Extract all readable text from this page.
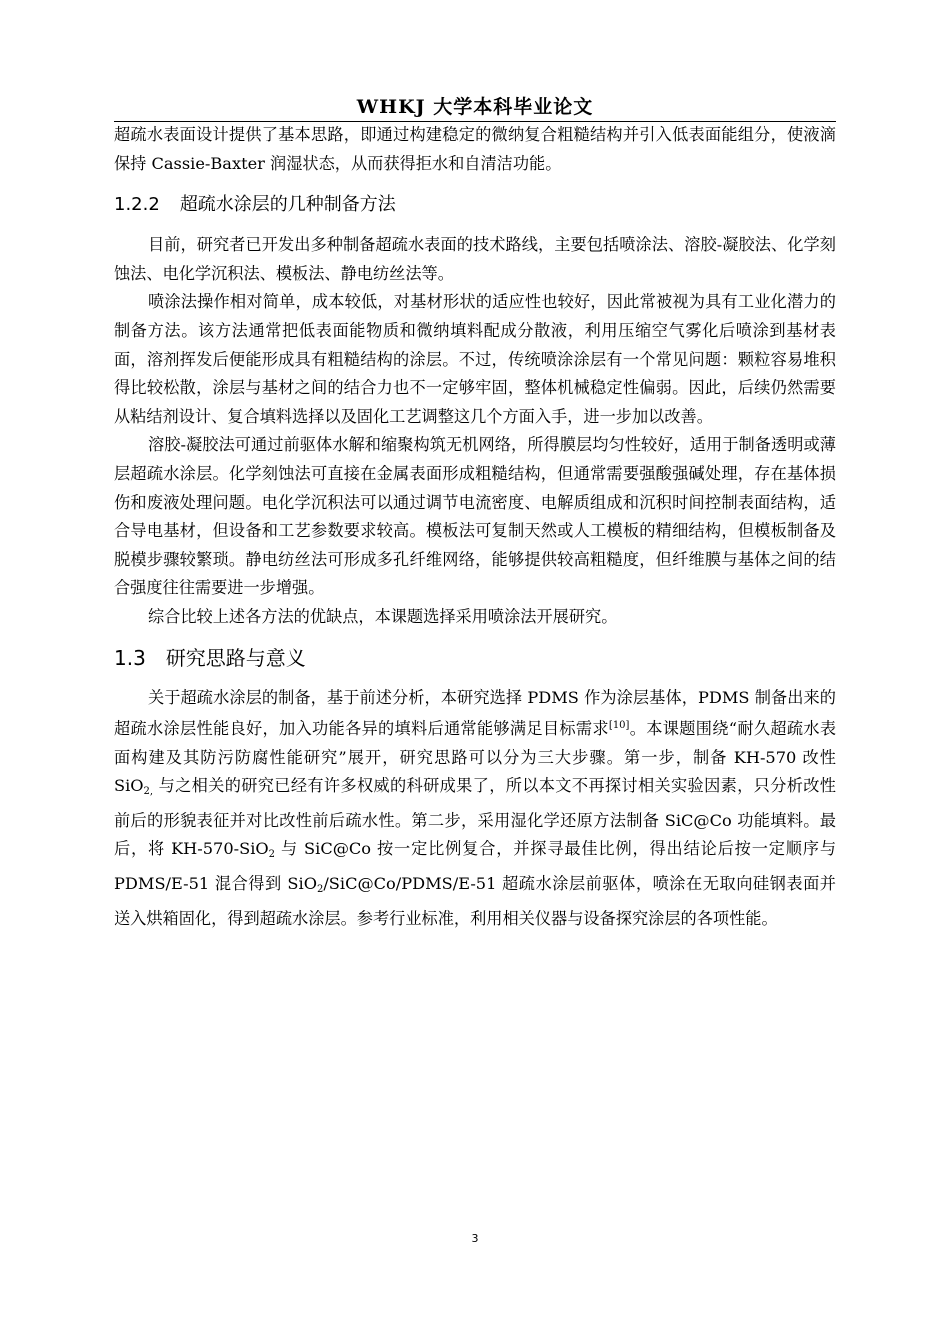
WHKJ 大学本科毕业论文

超疏水表面设计提供了基本思路，即通过构建稳定的微纳复合粗糙结构并引入低表面能组分，使液滴保持 Cassie-Baxter 润湿状态，从而获得拒水和自清洁功能。

1.2.2 超疏水涂层的几种制备方法

目前，研究者已开发出多种制备超疏水表面的技术路线，主要包括喷涂法、溶胶-凝胶法、化学刻蚀法、电化学沉积法、模板法、静电纺丝法等。

喷涂法操作相对简单，成本较低，对基材形状的适应性也较好，因此常被视为具有工业化潜力的制备方法。该方法通常把低表面能物质和微纳填料配成分散液，利用压缩空气雾化后喷涂到基材表面，溶剂挥发后便能形成具有粗糙结构的涂层。不过，传统喷涂涂层有一个常见问题：颗粒容易堆积得比较松散，涂层与基材之间的结合力也不一定够牢固，整体机械稳定性偏弱。因此，后续仍然需要从粘结剂设计、复合填料选择以及固化工艺调整这几个方面入手，进一步加以改善。

溶胶-凝胶法可通过前驱体水解和缩聚构筑无机网络，所得膜层均匀性较好，适用于制备透明或薄层超疏水涂层。化学刻蚀法可直接在金属表面形成粗糙结构，但通常需要强酸强碱处理，存在基体损伤和废液处理问题。电化学沉积法可以通过调节电流密度、电解质组成和沉积时间控制表面结构，适合导电基材，但设备和工艺参数要求较高。模板法可复制天然或人工模板的精细结构，但模板制备及脱模步骤较繁琐。静电纺丝法可形成多孔纤维网络，能够提供较高粗糙度，但纤维膜与基体之间的结合强度往往需要进一步增强。

综合比较上述各方法的优缺点，本课题选择采用喷涂法开展研究。

1.3 研究思路与意义

关于超疏水涂层的制备，基于前述分析，本研究选择 PDMS 作为涂层基体，PDMS 制备出来的超疏水涂层性能良好，加入功能各异的填料后通常能够满足目标需求[10]。本课题围绕“耐久超疏水表面构建及其防污防腐性能研究”展开，研究思路可以分为三大步骤。第一步，制备 KH-570 改性 SiO$_{2,}$ 与之相关的研究已经有许多权威的科研成果了，所以本文不再探讨相关实验因素，只分析改性前后的形貌表征并对比改性前后疏水性。第二步，采用湿化学还原方法制备 SiC@Co 功能填料。最后，将 KH-570-SiO$_2$ 与 SiC@Co 按一定比例复合，并探寻最佳比例，得出结论后按一定顺序与 PDMS/E-51 混合得到 SiO$_2$/SiC@Co/PDMS/E-51 超疏水涂层前驱体，喷涂在无取向硅钢表面并送入烘箱固化，得到超疏水涂层。参考行业标准，利用相关仪器与设备探究涂层的各项性能。

3
